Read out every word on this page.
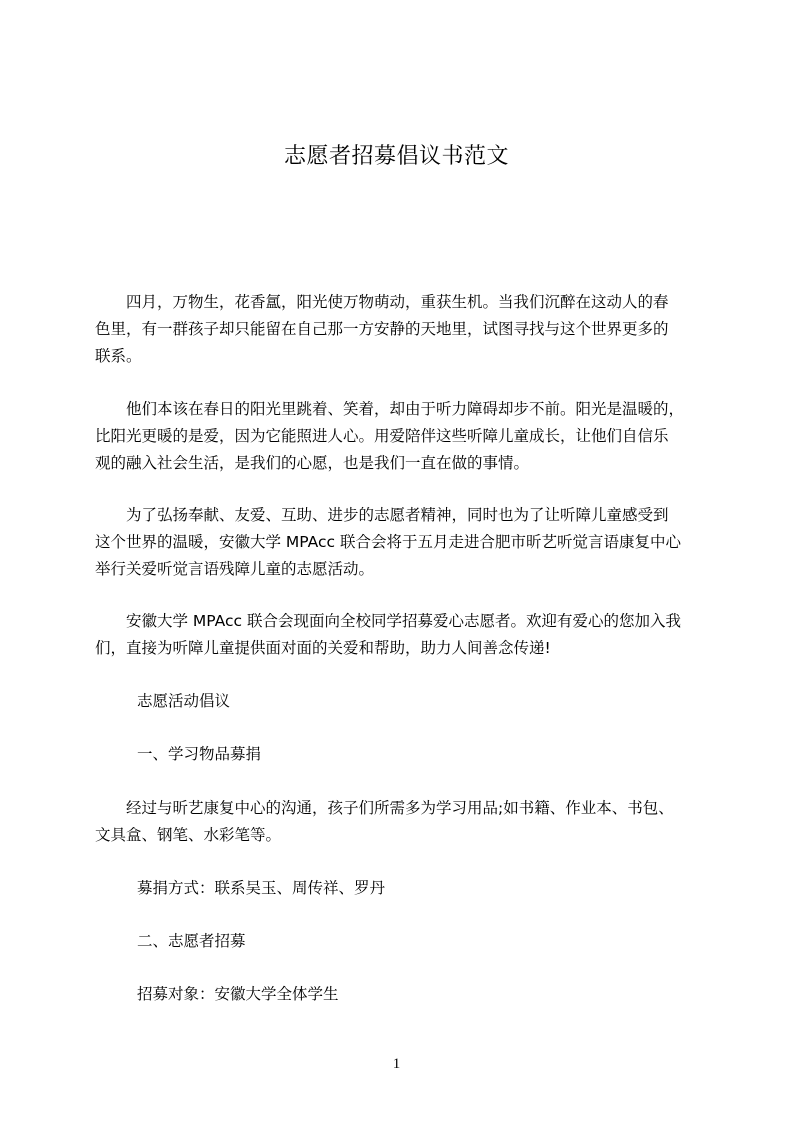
志愿者招募倡议书范文

四月，万物生，花香氲，阳光使万物萌动，重获生机。当我们沉醉在这动人的春
色里，有一群孩子却只能留在自己那一方安静的天地里，试图寻找与这个世界更多的
联系。

他们本该在春日的阳光里跳着、笑着，却由于听力障碍却步不前。阳光是温暖的，
比阳光更暖的是爱，因为它能照进人心。用爱陪伴这些听障儿童成长，让他们自信乐
观的融入社会生活，是我们的心愿，也是我们一直在做的事情。

为了弘扬奉献、友爱、互助、进步的志愿者精神，同时也为了让听障儿童感受到
这个世界的温暖，安徽大学 MPAcc 联合会将于五月走进合肥市昕艺听觉言语康复中心
举行关爱听觉言语残障儿童的志愿活动。

安徽大学 MPAcc 联合会现面向全校同学招募爱心志愿者。欢迎有爱心的您加入我
们，直接为听障儿童提供面对面的关爱和帮助，助力人间善念传递!

志愿活动倡议

一、学习物品募捐

经过与昕艺康复中心的沟通，孩子们所需多为学习用品;如书籍、作业本、书包、
文具盒、钢笔、水彩笔等。

募捐方式：联系吴玉、周传祥、罗丹

二、志愿者招募

招募对象：安徽大学全体学生

1
